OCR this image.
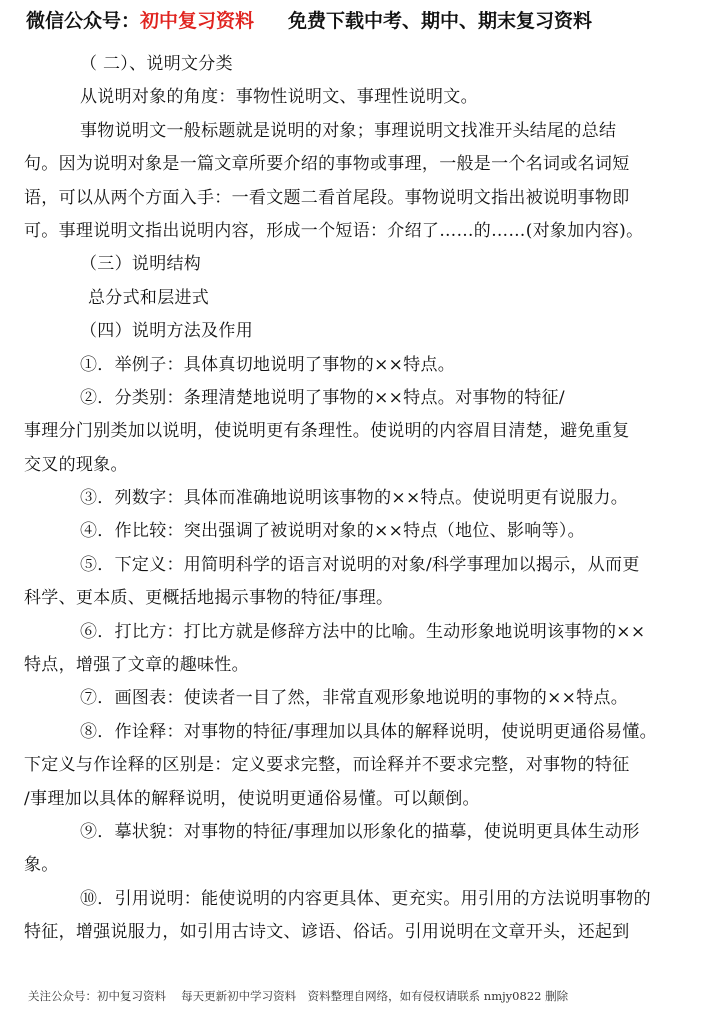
微信公众号： 初中复习资料 免费下载中考、期中、期末复习资料
（ 二）、说明文分类
从说明对象的角度：事物性说明文、事理性说明文。
事物说明文一般标题就是说明的对象；事理说明文找准开头结尾的总结
句。因为说明对象是一篇文章所要介绍的事物或事理，一般是一个名词或名词短
语，可以从两个方面入手：一看文题二看首尾段。事物说明文指出被说明事物即
可。事理说明文指出说明内容，形成一个短语：介绍了……的……(对象加内容)。
（三）说明结构
总分式和层进式
（四）说明方法及作用
①．举例子：具体真切地说明了事物的××特点。
②．分类别：条理清楚地说明了事物的××特点。对事物的特征/
事理分门别类加以说明，使说明更有条理性。使说明的内容眉目清楚，避免重复
交叉的现象。
③．列数字：具体而准确地说明该事物的××特点。使说明更有说服力。
④．作比较：突出强调了被说明对象的××特点（地位、影响等）。
⑤．下定义：用简明科学的语言对说明的对象/科学事理加以揭示，从而更
科学、更本质、更概括地揭示事物的特征/事理。
⑥．打比方：打比方就是修辞方法中的比喻。生动形象地说明该事物的××
特点，增强了文章的趣味性。
⑦．画图表：使读者一目了然，非常直观形象地说明的事物的××特点。
⑧．作诠释：对事物的特征/事理加以具体的解释说明，使说明更通俗易懂。
下定义与作诠释的区别是：定义要求完整，而诠释并不要求完整，对事物的特征
/事理加以具体的解释说明，使说明更通俗易懂。可以颠倒。
⑨．摹状貌：对事物的特征/事理加以形象化的描摹，使说明更具体生动形
象。
⑩．引用说明：能使说明的内容更具体、更充实。用引用的方法说明事物的
特征，增强说服力，如引用古诗文、谚语、俗话。引用说明在文章开头，还起到
关注公众号：初中复习资料　 每天更新初中学习资料　资料整理自网络，如有侵权请联系 nmjy0822 删除
